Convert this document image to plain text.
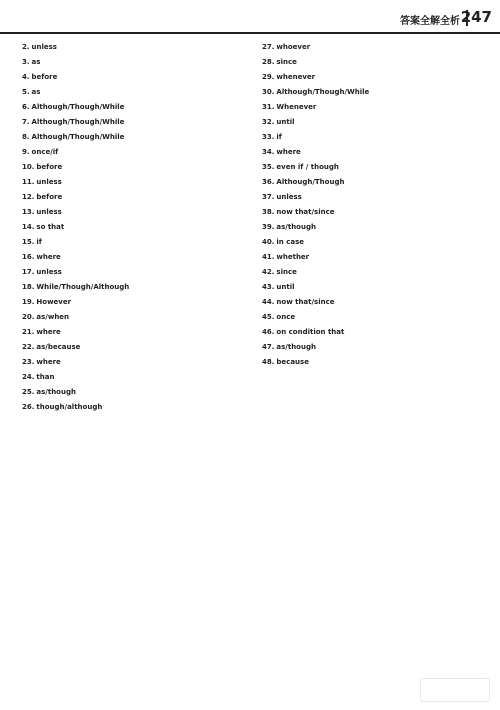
答案全解全析 247
2. unless
3. as
4. before
5. as
6. Although/Though/While
7. Although/Though/While
8. Although/Though/While
9. once/if
10. before
11. unless
12. before
13. unless
14. so that
15. if
16. where
17. unless
18. While/Though/Although
19. However
20. as/when
21. where
22. as/because
23. where
24. than
25. as/though
26. though/although
27. whoever
28. since
29. whenever
30. Although/Though/While
31. Whenever
32. until
33. if
34. where
35. even if / though
36. Although/Though
37. unless
38. now that/since
39. as/though
40. in case
41. whether
42. since
43. until
44. now that/since
45. once
46. on condition that
47. as/though
48. because
